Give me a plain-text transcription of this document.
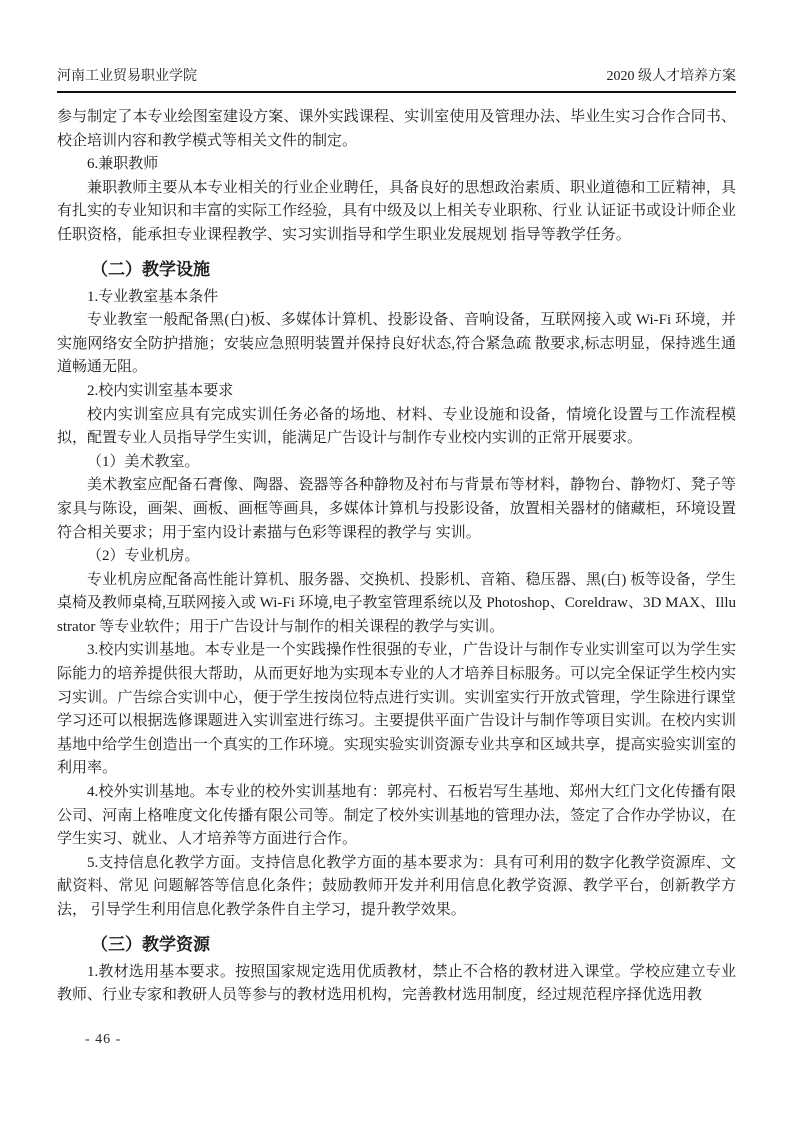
河南工业贸易职业学院	2020 级人才培养方案

参与制定了本专业绘图室建设方案、课外实践课程、实训室使用及管理办法、毕业生实习合作合同书、校企培训内容和教学模式等相关文件的制定。

6.兼职教师

兼职教师主要从本专业相关的行业企业聘任，具备良好的思想政治素质、职业道德和工匠精神，具有扎实的专业知识和丰富的实际工作经验，具有中级及以上相关专业职称、行业 认证证书或设计师企业任职资格，能承担专业课程教学、实习实训指导和学生职业发展规划 指导等教学任务。

（二）教学设施

1.专业教室基本条件

专业教室一般配备黑(白)板、多媒体计算机、投影设备、音响设备，互联网接入或 Wi-Fi 环境，并实施网络安全防护措施；安装应急照明装置并保持良好状态,符合紧急疏 散要求,标志明显，保持逃生通道畅通无阻。

2.校内实训室基本要求

校内实训室应具有完成实训任务必备的场地、材料、专业设施和设备，情境化设置与工作流程模拟，配置专业人员指导学生实训，能满足广告设计与制作专业校内实训的正常开展要求。

（1）美术教室。

美术教室应配备石膏像、陶器、瓷器等各种静物及衬布与背景布等材料，静物台、静物灯、凳子等家具与陈设，画架、画板、画框等画具，多媒体计算机与投影设备，放置相关器材的储藏柜，环境设置符合相关要求；用于室内设计素描与色彩等课程的教学与 实训。

（2）专业机房。

专业机房应配备高性能计算机、服务器、交换机、投影机、音箱、稳压器、黑(白) 板等设备，学生桌椅及教师桌椅,互联网接入或 Wi-Fi 环境,电子教室管理系统以及 Photoshop、Coreldraw、3D MAX、Illustrator 等专业软件；用于广告设计与制作的相关课程的教学与实训。

3.校内实训基地。本专业是一个实践操作性很强的专业，广告设计与制作专业实训室可以为学生实际能力的培养提供很大帮助，从而更好地为实现本专业的人才培养目标服务。可以完全保证学生校内实习实训。广告综合实训中心，便于学生按岗位特点进行实训。实训室实行开放式管理，学生除进行课堂学习还可以根据选修课题进入实训室进行练习。主要提供平面广告设计与制作等项目实训。在校内实训基地中给学生创造出一个真实的工作环境。实现实验实训资源专业共享和区域共享，提高实验实训室的利用率。

4.校外实训基地。本专业的校外实训基地有：郭亮村、石板岩写生基地、郑州大红门文化传播有限公司、河南上格唯度文化传播有限公司等。制定了校外实训基地的管理办法，签定了合作办学协议，在学生实习、就业、人才培养等方面进行合作。

5.支持信息化教学方面。支持信息化教学方面的基本要求为：具有可利用的数字化教学资源库、文献资料、常见 问题解答等信息化条件；鼓励教师开发并利用信息化教学资源、教学平台，创新教学方法， 引导学生利用信息化教学条件自主学习，提升教学效果。

（三）教学资源

1.教材选用基本要求。按照国家规定选用优质教材，禁止不合格的教材进入课堂。学校应建立专业教师、行业专家和教研人员等参与的教材选用机构，完善教材选用制度，经过规范程序择优选用教

- 46 -
